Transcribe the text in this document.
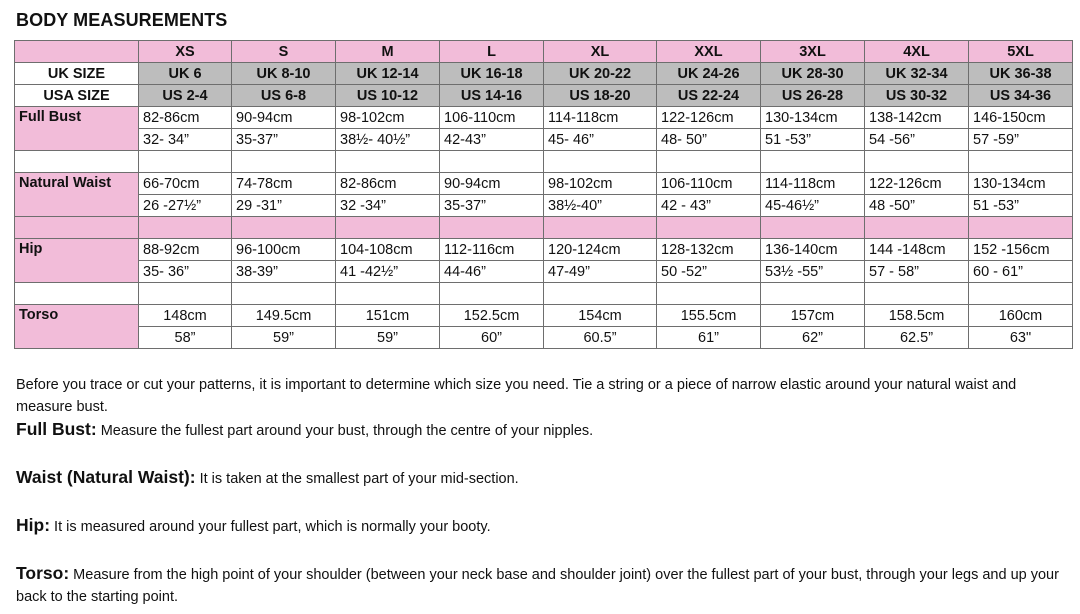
BODY MEASUREMENTS
	XS	S	M	L	XL	XXL	3XL	4XL	5XL
UK SIZE	UK 6	UK 8-10	UK 12-14	UK 16-18	UK 20-22	UK 24-26	UK 28-30	UK 32-34	UK 36-38
USA SIZE	US 2-4	US 6-8	US 10-12	US 14-16	US 18-20	US 22-24	US 26-28	US 30-32	US 34-36
Full Bust	82-86cm	90-94cm	98-102cm	106-110cm	114-118cm	122-126cm	130-134cm	138-142cm	146-150cm
	32- 34”	35-37”	38½- 40½”	42-43”	45- 46”	48- 50”	51 -53”	54 -56”	57 -59”

Natural Waist	66-70cm	74-78cm	82-86cm	90-94cm	98-102cm	106-110cm	114-118cm	122-126cm	130-134cm
	26 -27½”	29 -31”	32 -34”	35-37”	38½-40”	42 - 43”	45-46½”	48 -50”	51 -53”

Hip	88-92cm	96-100cm	104-108cm	112-116cm	120-124cm	128-132cm	136-140cm	144 -148cm	152 -156cm
	35- 36”	38-39”	41 -42½”	44-46”	47-49”	50 -52”	53½ -55”	57 - 58”	60 - 61”

Torso	148cm	149.5cm	151cm	152.5cm	154cm	155.5cm	157cm	158.5cm	160cm
	58”	59”	59”	60”	60.5”	61”	62”	62.5”	63"

Before you trace or cut your patterns, it is important to determine which size you need. Tie a string or a piece of narrow elastic around your natural waist and measure bust.

Full Bust: Measure the fullest part around your bust, through the centre of your nipples.

Waist (Natural Waist): It is taken at the smallest part of your mid-section.

Hip: It is measured around your fullest part, which is normally your booty.

Torso: Measure from the high point of your shoulder (between your neck base and shoulder joint) over the fullest part of your bust, through your legs and up your back to the starting point.
